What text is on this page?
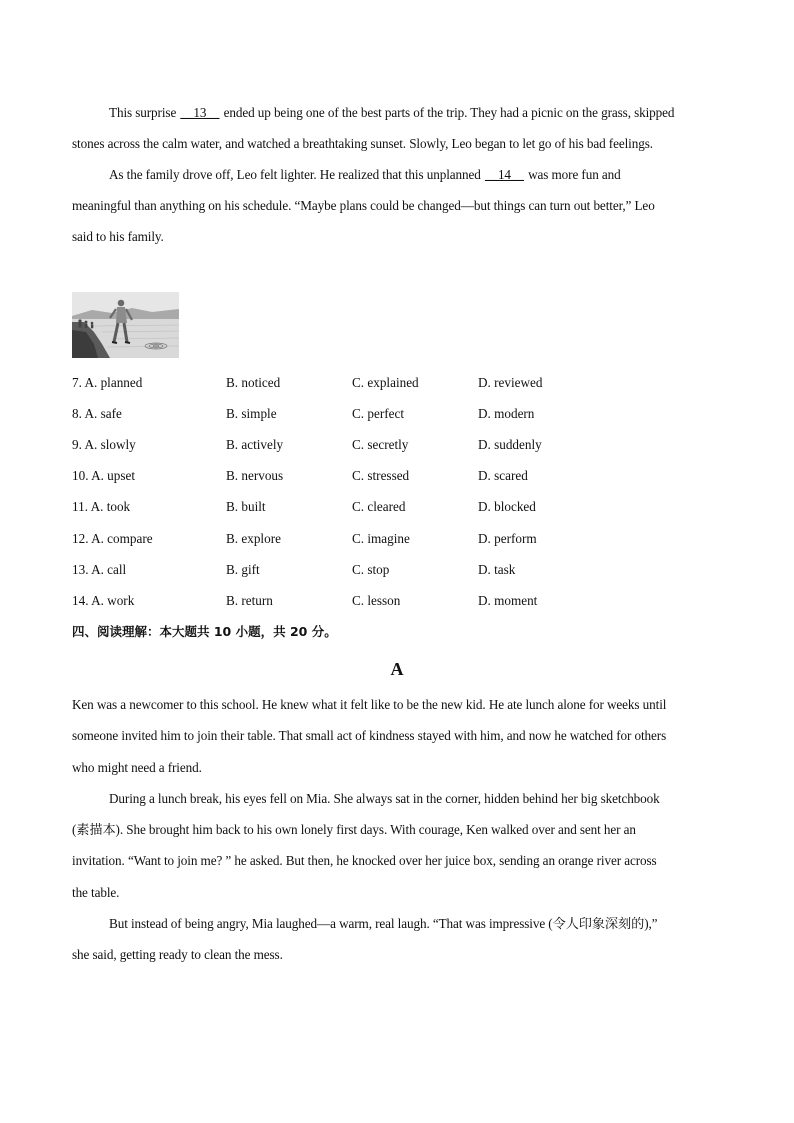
This surprise __13__ ended up being one of the best parts of the trip. They had a picnic on the grass, skipped
stones across the calm water, and watched a breathtaking sunset. Slowly, Leo began to let go of his bad feelings.
As the family drove off, Leo felt lighter. He realized that this unplanned __14__ was more fun and
meaningful than anything on his schedule. “Maybe plans could be changed—but things can turn out better,” Leo
said to his family.
7. A. planned	B. noticed	C. explained	D. reviewed
8. A. safe	B. simple	C. perfect	D. modern
9. A. slowly	B. actively	C. secretly	D. suddenly
10. A. upset	B. nervous	C. stressed	D. scared
11. A. took	B. built	C. cleared	D. blocked
12. A. compare	B. explore	C. imagine	D. perform
13. A. call	B. gift	C. stop	D. task
14. A. work	B. return	C. lesson	D. moment
四、阅读理解：本大题共 10 小题，共 20 分。
A
Ken was a newcomer to this school. He knew what it felt like to be the new kid. He ate lunch alone for weeks until
someone invited him to join their table. That small act of kindness stayed with him, and now he watched for others
who might need a friend.
During a lunch break, his eyes fell on Mia. She always sat in the corner, hidden behind her big sketchbook
(素描本). She brought him back to his own lonely first days. With courage, Ken walked over and sent her an
invitation. “Want to join me? ” he asked. But then, he knocked over her juice box, sending an orange river across
the table.
But instead of being angry, Mia laughed—a warm, real laugh. “That was impressive (令人印象深刻的),”
she said, getting ready to clean the mess.
